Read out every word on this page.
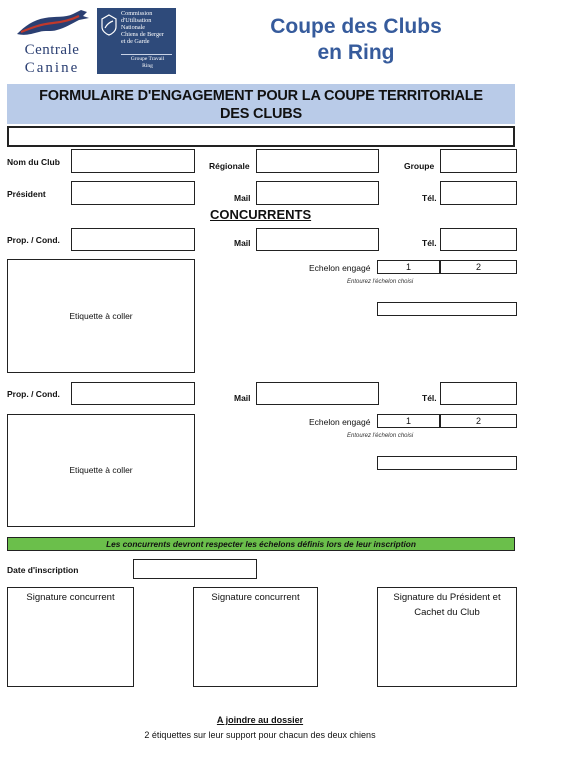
Centrale
Canine
Commission
d'Utilisation
Nationale
Chiens de Berger
et de Garde
Groupe Travail
Ring
Coupe des Clubs
en Ring
FORMULAIRE D'ENGAGEMENT POUR LA COUPE TERRITORIALE
DES CLUBS
Nom du Club	Régionale	Groupe
Président	Mail	Tél.
CONCURRENTS
Prop. / Cond.	Mail	Tél.
Etiquette à coller
Echelon engagé	1	2
Entourez l'échelon choisi
Prop. / Cond.	Mail	Tél.
Etiquette à coller
Echelon engagé	1	2
Entourez l'échelon choisi
Les concurrents devront respecter les échelons définis lors de leur inscription
Date d'inscription
Signature concurrent	Signature concurrent	Signature du Président et
Cachet du Club
A joindre au dossier
2 étiquettes sur leur support pour chacun des deux chiens
